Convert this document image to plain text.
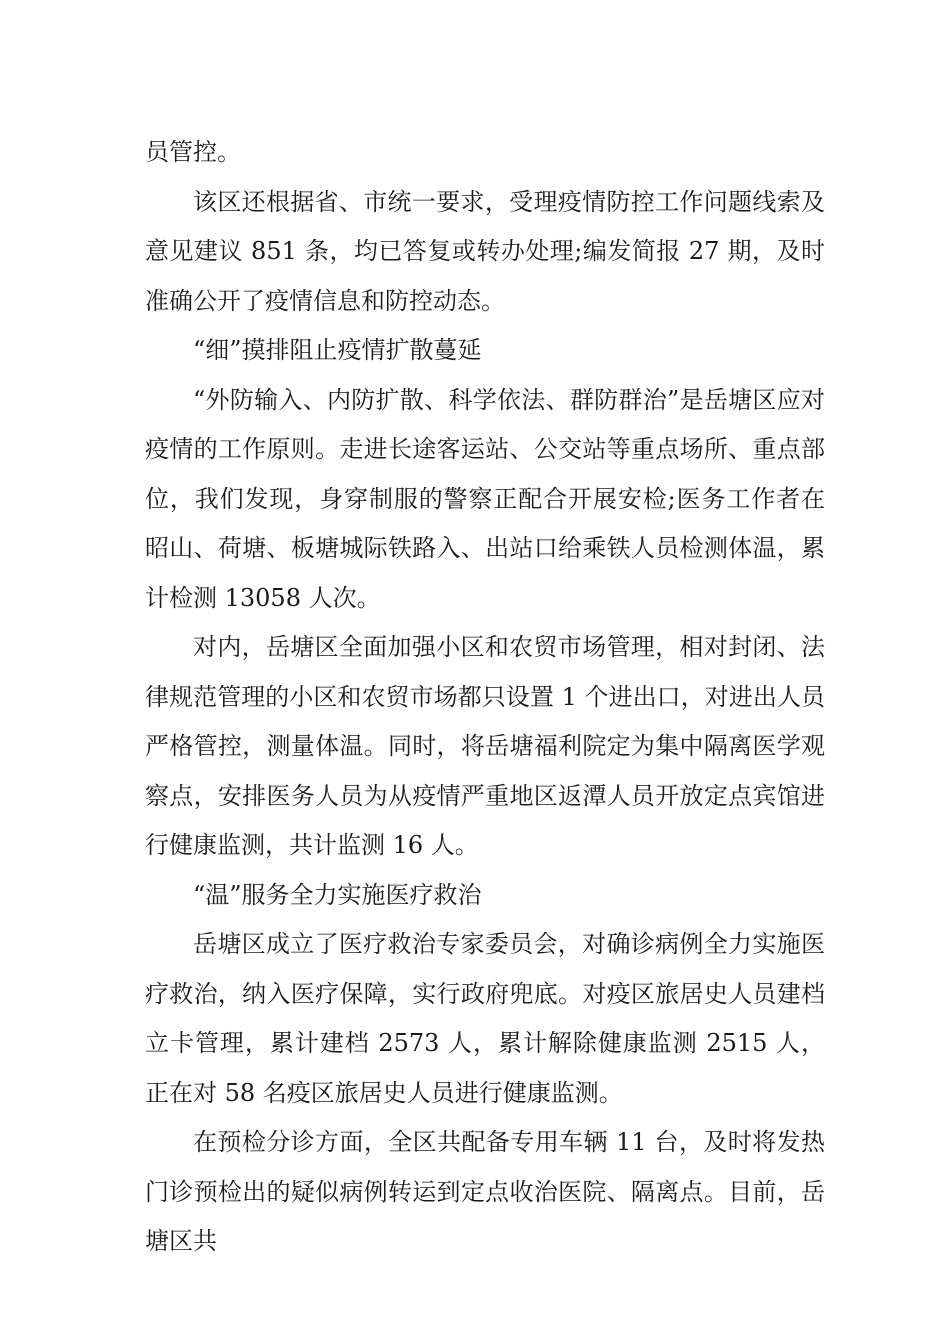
员管控。

该区还根据省、市统一要求，受理疫情防控工作问题线索及意见建议 851 条，均已答复或转办处理;编发简报 27 期，及时准确公开了疫情信息和防控动态。

“细”摸排阻止疫情扩散蔓延

“外防输入、内防扩散、科学依法、群防群治”是岳塘区应对疫情的工作原则。走进长途客运站、公交站等重点场所、重点部位，我们发现，身穿制服的警察正配合开展安检;医务工作者在昭山、荷塘、板塘城际铁路入、出站口给乘铁人员检测体温，累计检测 13058 人次。

对内，岳塘区全面加强小区和农贸市场管理，相对封闭、法律规范管理的小区和农贸市场都只设置 1 个进出口，对进出人员严格管控，测量体温。同时，将岳塘福利院定为集中隔离医学观察点，安排医务人员为从疫情严重地区返潭人员开放定点宾馆进行健康监测，共计监测 16 人。

“温”服务全力实施医疗救治

岳塘区成立了医疗救治专家委员会，对确诊病例全力实施医疗救治，纳入医疗保障，实行政府兜底。对疫区旅居史人员建档立卡管理，累计建档 2573 人，累计解除健康监测 2515 人，正在对 58 名疫区旅居史人员进行健康监测。

在预检分诊方面，全区共配备专用车辆 11 台，及时将发热门诊预检出的疑似病例转运到定点收治医院、隔离点。目前，岳塘区共
